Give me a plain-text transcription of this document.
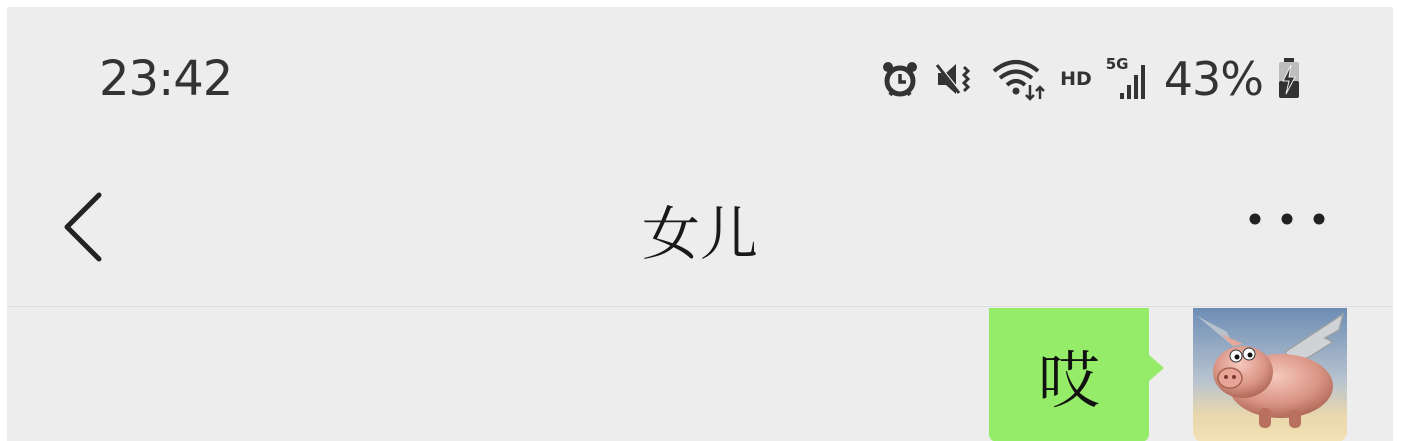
23:42	HD
5G 43%
女儿
哎
